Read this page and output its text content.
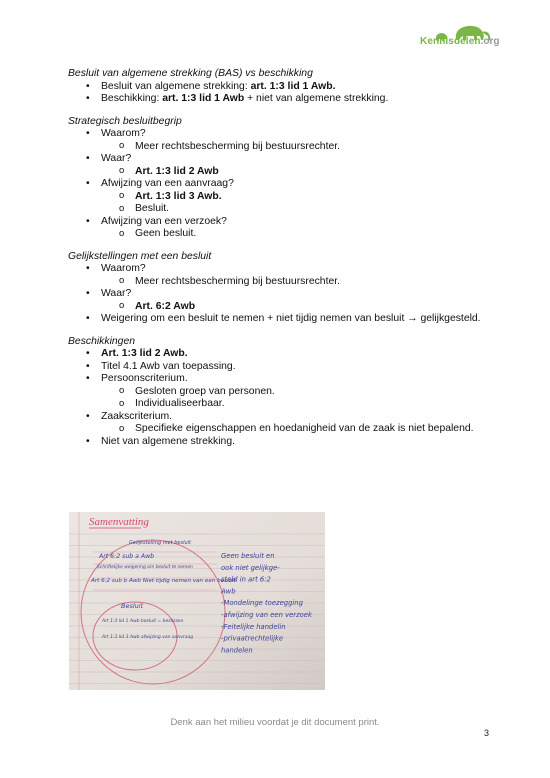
Kennisdelen.org
Besluit van algemene strekking (BAS) vs beschikking
• Besluit van algemene strekking: art. 1:3 lid 1 Awb.
• Beschikking: art. 1:3 lid 1 Awb + niet van algemene strekking.
Strategisch besluitbegrip
• Waarom?
o Meer rechtsbescherming bij bestuursrechter.
• Waar?
o Art. 1:3 lid 2 Awb
• Afwijzing van een aanvraag?
o Art. 1:3 lid 3 Awb.
o Besluit.
• Afwijzing van een verzoek?
o Geen besluit.
Gelijkstellingen met een besluit
• Waarom?
o Meer rechtsbescherming bij bestuursrechter.
• Waar?
o Art. 6:2 Awb
• Weigering om een besluit te nemen + niet tijdig nemen van besluit → gelijkgesteld.
Beschikkingen
• Art. 1:3 lid 2 Awb.
• Titel 4.1 Awb van toepassing.
• Persoonscriterium.
o Gesloten groep van personen.
o Individualiseerbaar.
• Zaakscriterium.
o Specifieke eigenschappen en hoedanigheid van de zaak is niet bepalend.
• Niet van algemene strekking.
Samenvatting
Gelijkstelling met besluit
Art 6:2 sub a Awb
Schriftelijke weigering om besluit te nemen
Art 6:2 sub b Awb Niet tijdig nemen van een besluit
Besluit
Art 1:3 lid 1 Awb besluit = beslissen
Art 1:3 lid 3 Awb afwijzing van aanvraag
Geen besluit en
ook niet gelijkge-
steld in art 6:2
Awb
-Mondelinge toezegging
-afwijzing van een verzoek
-Feitelijke handelin
-privaatrechtelijke
handelen
Denk aan het milieu voordat je dit document print.
3
